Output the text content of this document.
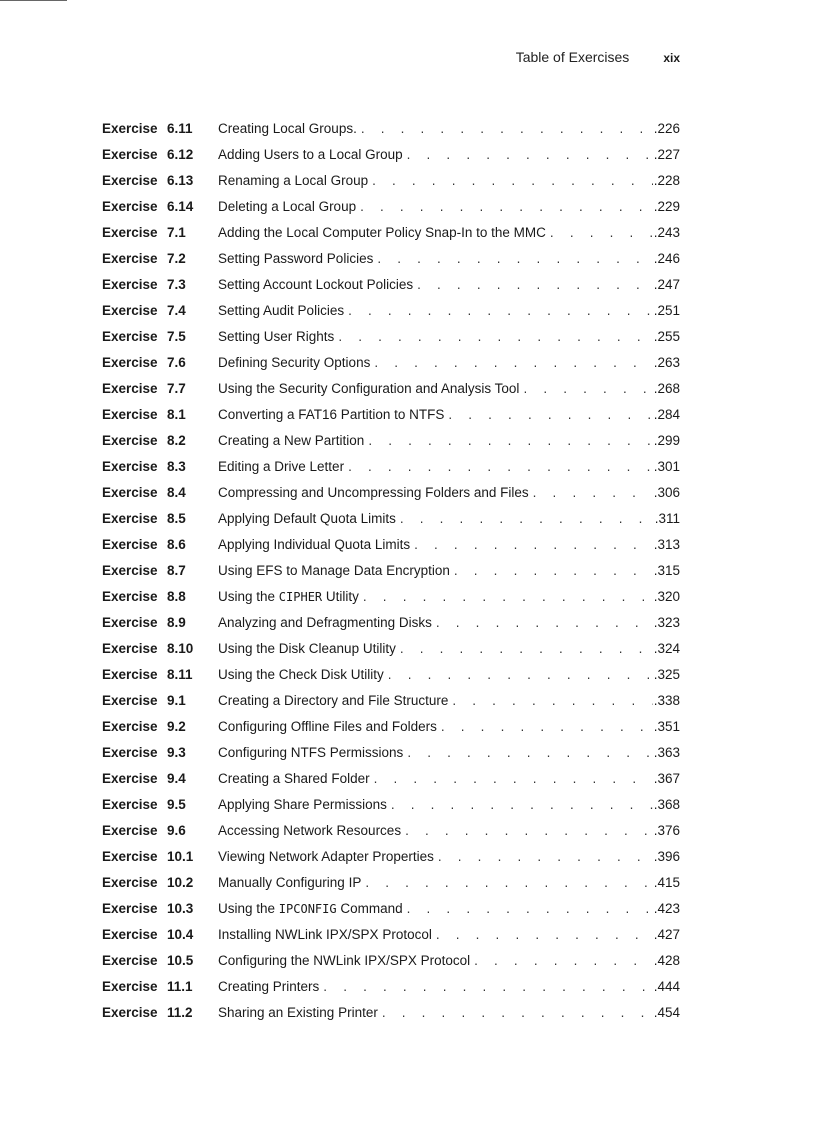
Table of Exercises	xix
Exercise 6.11 Creating Local Groups. . . .	.226
Exercise 6.12 Adding Users to a Local Group . . .	.227
Exercise 6.13 Renaming a Local Group . . .	.228
Exercise 6.14 Deleting a Local Group . . .	.229
Exercise 7.1 Adding the Local Computer Policy Snap-In to the MMC . . .	.243
Exercise 7.2 Setting Password Policies . . .	.246
Exercise 7.3 Setting Account Lockout Policies . . .	.247
Exercise 7.4 Setting Audit Policies . . .	.251
Exercise 7.5 Setting User Rights . . .	.255
Exercise 7.6 Defining Security Options . . .	.263
Exercise 7.7 Using the Security Configuration and Analysis Tool . . .	.268
Exercise 8.1 Converting a FAT16 Partition to NTFS . . .	.284
Exercise 8.2 Creating a New Partition . . .	.299
Exercise 8.3 Editing a Drive Letter . . .	.301
Exercise 8.4 Compressing and Uncompressing Folders and Files . . .	.306
Exercise 8.5 Applying Default Quota Limits . . .	.311
Exercise 8.6 Applying Individual Quota Limits . . .	.313
Exercise 8.7 Using EFS to Manage Data Encryption . . .	.315
Exercise 8.8 Using the CIPHER Utility . . .	.320
Exercise 8.9 Analyzing and Defragmenting Disks . . .	.323
Exercise 8.10 Using the Disk Cleanup Utility . . .	.324
Exercise 8.11 Using the Check Disk Utility . . .	.325
Exercise 9.1 Creating a Directory and File Structure . . .	.338
Exercise 9.2 Configuring Offline Files and Folders . . .	.351
Exercise 9.3 Configuring NTFS Permissions . . .	.363
Exercise 9.4 Creating a Shared Folder . . .	.367
Exercise 9.5 Applying Share Permissions . . .	.368
Exercise 9.6 Accessing Network Resources . . .	.376
Exercise 10.1 Viewing Network Adapter Properties . . .	.396
Exercise 10.2 Manually Configuring IP . . .	.415
Exercise 10.3 Using the IPCONFIG Command . . .	.423
Exercise 10.4 Installing NWLink IPX/SPX Protocol . . .	.427
Exercise 10.5 Configuring the NWLink IPX/SPX Protocol . . .	.428
Exercise 11.1 Creating Printers . . .	.444
Exercise 11.2 Sharing an Existing Printer . . .	.454
